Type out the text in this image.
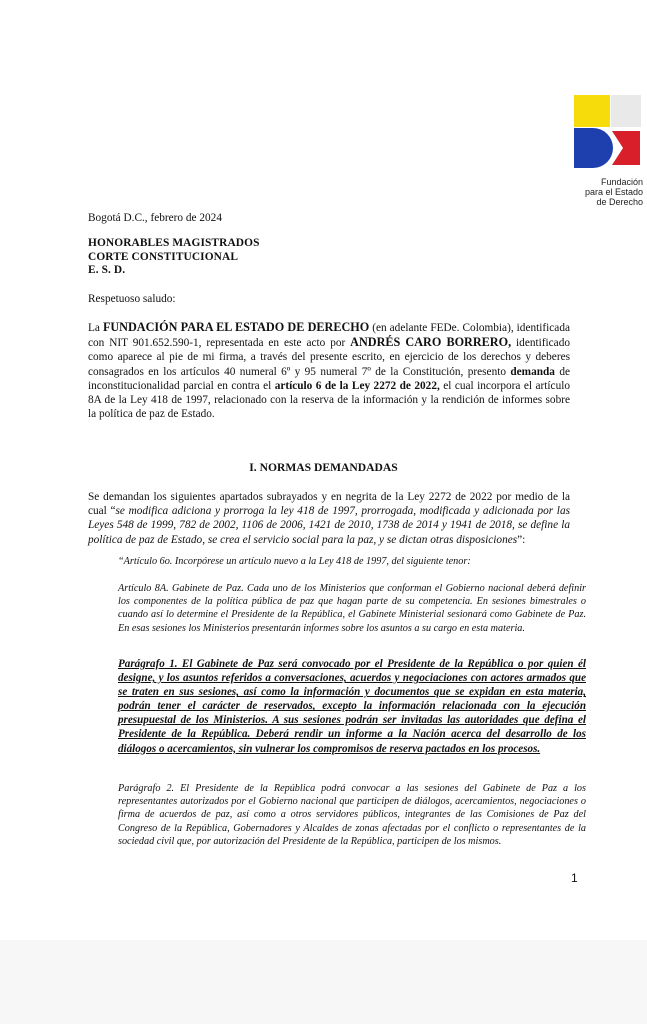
Fundación
para el Estado
de Derecho
Bogotá D.C., febrero de 2024
HONORABLES MAGISTRADOS
CORTE CONSTITUCIONAL
E. S. D.
Respetuoso saludo:
La FUNDACIÓN PARA EL ESTADO DE DERECHO (en adelante FEDe. Colombia), identificada con NIT 901.652.590-1, representada en este acto por ANDRÉS CARO BORRERO, identificado como aparece al pie de mi firma, a través del presente escrito, en ejercicio de los derechos y deberes consagrados en los artículos 40 numeral 6º y 95 numeral 7º de la Constitución, presento demanda de inconstitucionalidad parcial en contra el artículo 6 de la Ley 2272 de 2022, el cual incorpora el artículo 8A de la Ley 418 de 1997, relacionado con la reserva de la información y la rendición de informes sobre la política de paz de Estado.
I. NORMAS DEMANDADAS
Se demandan los siguientes apartados subrayados y en negrita de la Ley 2272 de 2022 por medio de la cual “se modifica adiciona y prorroga la ley 418 de 1997, prorrogada, modificada y adicionada por las Leyes 548 de 1999, 782 de 2002, 1106 de 2006, 1421 de 2010, 1738 de 2014 y 1941 de 2018, se define la política de paz de Estado, se crea el servicio social para la paz, y se dictan otras disposiciones”:
“Artículo 6o. Incorpórese un artículo nuevo a la Ley 418 de 1997, del siguiente tenor:
Artículo 8A. Gabinete de Paz. Cada uno de los Ministerios que conforman el Gobierno nacional deberá definir los componentes de la política pública de paz que hagan parte de su competencia. En sesiones bimestrales o cuando así lo determine el Presidente de la República, el Gabinete Ministerial sesionará como Gabinete de Paz. En esas sesiones los Ministerios presentarán informes sobre los asuntos a su cargo en esta materia.
Parágrafo 1. El Gabinete de Paz será convocado por el Presidente de la República o por quien él designe, y los asuntos referidos a conversaciones, acuerdos y negociaciones con actores armados que se traten en sus sesiones, así como la información y documentos que se expidan en esta materia, podrán tener el carácter de reservados, excepto la información relacionada con la ejecución presupuestal de los Ministerios. A sus sesiones podrán ser invitadas las autoridades que defina el Presidente de la República. Deberá rendir un informe a la Nación acerca del desarrollo de los diálogos o acercamientos, sin vulnerar los compromisos de reserva pactados en los procesos.
Parágrafo 2. El Presidente de la República podrá convocar a las sesiones del Gabinete de Paz a los representantes autorizados por el Gobierno nacional que participen de diálogos, acercamientos, negociaciones o firma de acuerdos de paz, así como a otros servidores públicos, integrantes de las Comisiones de Paz del Congreso de la República, Gobernadores y Alcaldes de zonas afectadas por el conflicto o representantes de la sociedad civil que, por autorización del Presidente de la República, participen de los mismos.
1
